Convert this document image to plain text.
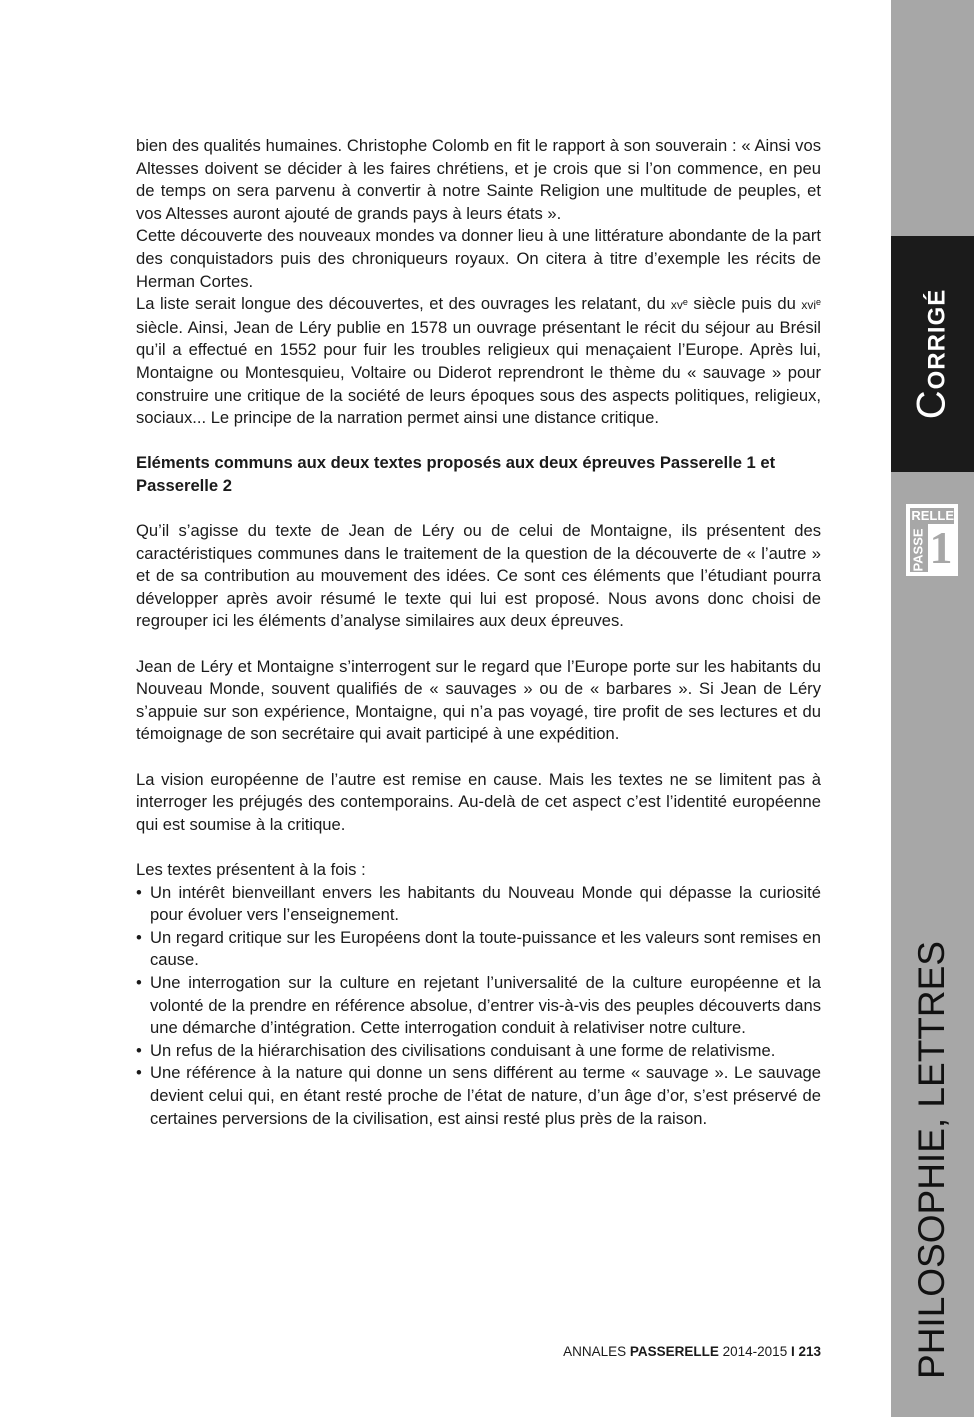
bien des qualités humaines. Christophe Colomb en fit le rapport à son souverain : « Ainsi vos Altesses doivent se décider à les faires chrétiens, et je crois que si l’on commence, en peu de temps on sera parvenu à convertir à notre Sainte Religion une multitude de peuples, et vos Altesses auront ajouté de grands pays à leurs états ».

Cette découverte des nouveaux mondes va donner lieu à une littérature abondante de la part des conquistadors puis des chroniqueurs royaux. On citera à titre d’exemple les récits de Herman Cortes.

La liste serait longue des découvertes, et des ouvrages les relatant, du $xv^e$ siècle puis du xvi$^e$ siècle. Ainsi, Jean de Léry publie en 1578 un ouvrage présentant le récit du séjour au Brésil qu’il a effectué en 1552 pour fuir les troubles religieux qui menaçaient l’Europe. Après lui, Montaigne ou Montesquieu, Voltaire ou Diderot reprendront le thème du « sauvage » pour construire une critique de la société de leurs époques sous des aspects politiques, religieux, sociaux... Le principe de la narration permet ainsi une distance critique.

Eléments communs aux deux textes proposés aux deux épreuves Passerelle 1 et Passerelle 2

Qu’il s’agisse du texte de Jean de Léry ou de celui de Montaigne, ils présentent des caractéristiques communes dans le traitement de la question de la découverte de « l’autre » et de sa contribution au mouvement des idées. Ce sont ces éléments que l’étudiant pourra développer après avoir résumé le texte qui lui est proposé. Nous avons donc choisi de regrouper ici les éléments d’analyse similaires aux deux épreuves.

Jean de Léry et Montaigne s’interrogent sur le regard que l’Europe porte sur les habitants du Nouveau Monde, souvent qualifiés de « sauvages » ou de « barbares ». Si Jean de Léry s’appuie sur son expérience, Montaigne, qui n’a pas voyagé, tire profit de ses lectures et du témoignage de son secrétaire qui avait participé à une expédition.

La vision européenne de l’autre est remise en cause. Mais les textes ne se limitent pas à interroger les préjugés des contemporains. Au-delà de cet aspect c’est l’identité européenne qui est soumise à la critique.

Les textes présentent à la fois :

• Un intérêt bienveillant envers les habitants du Nouveau Monde qui dépasse la curiosité pour évoluer vers l’enseignement.
• Un regard critique sur les Européens dont la toute-puissance et les valeurs sont remises en cause.
• Une interrogation sur la culture en rejetant l’universalité de la culture européenne et la volonté de la prendre en référence absolue, d’entrer vis-à-vis des peuples découverts dans une démarche d’intégration. Cette interrogation conduit à relativiser notre culture.
• Un refus de la hiérarchisation des civilisations conduisant à une forme de relativisme.
• Une référence à la nature qui donne un sens différent au terme « sauvage ». Le sauvage devient celui qui, en étant resté proche de l’état de nature, d’un âge d’or, s’est préservé de certaines perversions de la civilisation, est ainsi resté plus près de la raison.
ANNALES PASSERELLE 2014-2015 I 213
CORRIGÉ
RELLE
PASSE 1
PHILOSOPHIE, LETTRES
